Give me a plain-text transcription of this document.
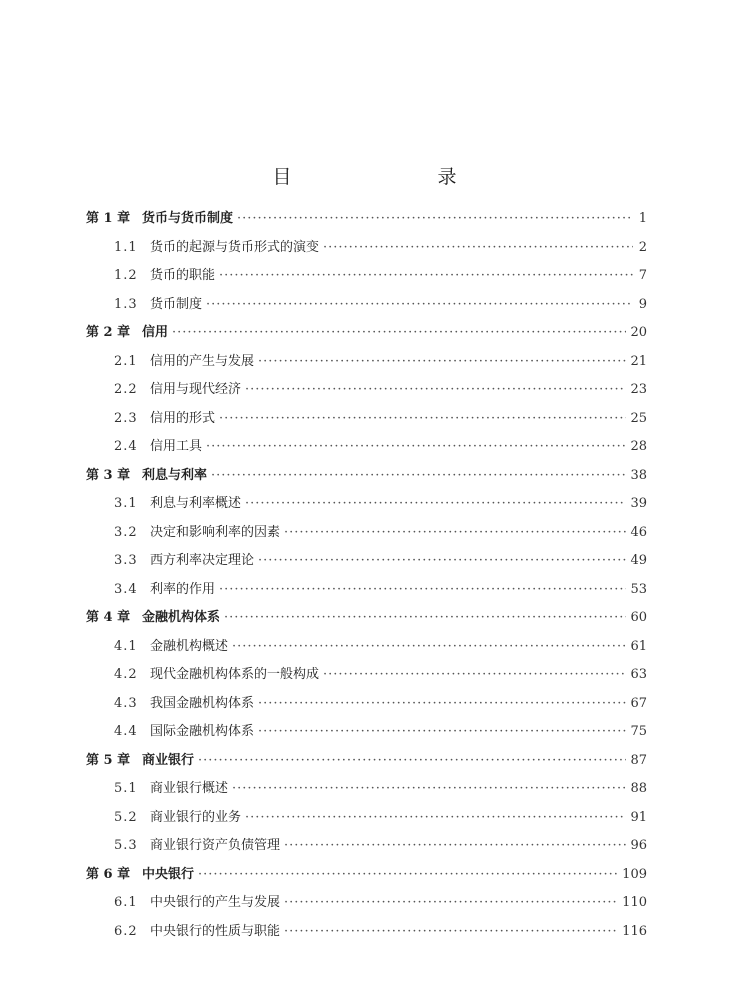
目　　录
第 1 章 货币与货币制度 ·····	1
1.1 货币的起源与货币形式的演变 ·····	2
1.2 货币的职能 ·····	7
1.3 货币制度 ·····	9
第 2 章 信用 ·····	20
2.1 信用的产生与发展 ·····	21
2.2 信用与现代经济 ·····	23
2.3 信用的形式 ·····	25
2.4 信用工具 ·····	28
第 3 章 利息与利率 ·····	38
3.1 利息与利率概述 ·····	39
3.2 决定和影响利率的因素 ·····	46
3.3 西方利率决定理论 ·····	49
3.4 利率的作用 ·····	53
第 4 章 金融机构体系 ·····	60
4.1 金融机构概述 ·····	61
4.2 现代金融机构体系的一般构成 ·····	63
4.3 我国金融机构体系 ·····	67
4.4 国际金融机构体系 ·····	75
第 5 章 商业银行 ·····	87
5.1 商业银行概述 ·····	88
5.2 商业银行的业务 ·····	91
5.3 商业银行资产负债管理 ·····	96
第 6 章 中央银行 ·····	109
6.1 中央银行的产生与发展 ·····	110
6.2 中央银行的性质与职能 ·····	116
